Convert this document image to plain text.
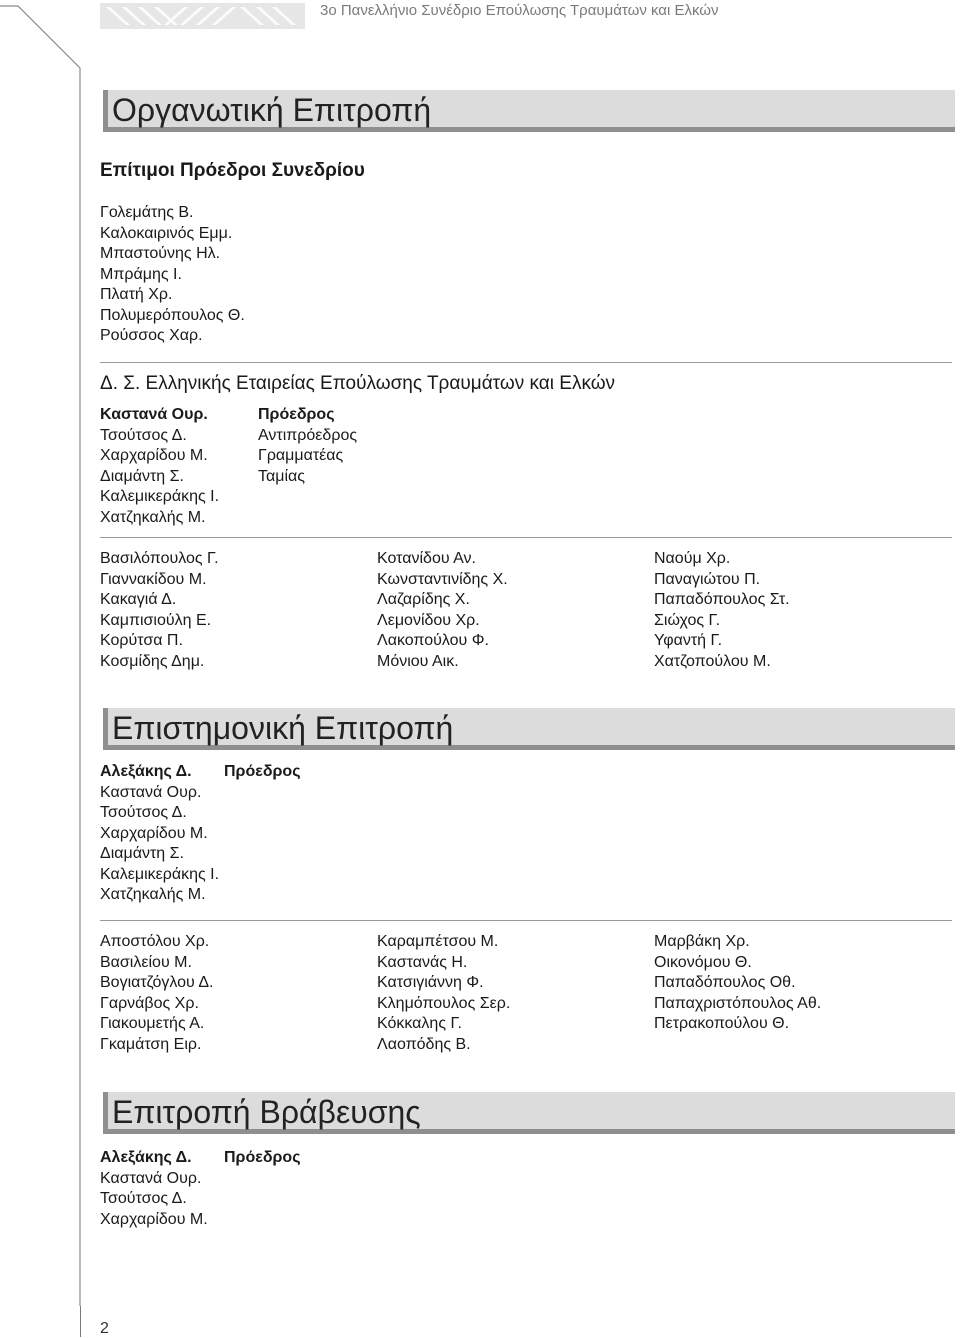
3ο Πανελλήνιο Συνέδριο Επούλωσης Τραυμάτων και Ελκών
Οργανωτική Επιτροπή
Επίτιμοι Πρόεδροι Συνεδρίου
Γολεμάτης Β.
Καλοκαιρινός Εμμ.
Μπαστούνης Ηλ.
Μπράμης Ι.
Πλατή Χρ.
Πολυμερόπουλος Θ.
Ρούσσος Χαρ.
Δ. Σ. Ελληνικής Εταιρείας Επούλωσης Τραυμάτων και Ελκών
Καστανά Ουρ.
Τσούτσος Δ.
Χαρχαρίδου Μ.
Διαμάντη Σ.
Καλεμικεράκης Ι.
Χατζηκαλής Μ.
Πρόεδρος
Αντιπρόεδρος
Γραμματέας
Ταμίας
Βασιλόπουλος Γ.
Γιαννακίδου Μ.
Κακαγιά Δ.
Καμπισιούλη Ε.
Κορύτσα Π.
Κοσμίδης Δημ.
Κοτανίδου Αν.
Κωνσταντινίδης Χ.
Λαζαρίδης Χ.
Λεμονίδου Χρ.
Λακοπούλου Φ.
Μόνιου Αικ.
Ναούμ Χρ.
Παναγιώτου Π.
Παπαδόπουλος Στ.
Σιώχος Γ.
Υφαντή Γ.
Χατζοπούλου Μ.
Επιστημονική Επιτροπή
Αλεξάκης Δ.
Καστανά Ουρ.
Τσούτσος Δ.
Χαρχαρίδου Μ.
Διαμάντη Σ.
Καλεμικεράκης Ι.
Χατζηκαλής Μ.
Πρόεδρος
Αποστόλου Χρ.
Βασιλείου Μ.
Βογιατζόγλου Δ.
Γαρνάβος Χρ.
Γιακουμετής Α.
Γκαμάτση Ειρ.
Καραμπέτσου Μ.
Καστανάς Η.
Κατσιγιάννη Φ.
Κλημόπουλος Σερ.
Κόκκαλης Γ.
Λαοπόδης Β.
Μαρβάκη Χρ.
Οικονόμου Θ.
Παπαδόπουλος Οθ.
Παπαχριστόπουλος Αθ.
Πετρακοπούλου Θ.
Επιτροπή Βράβευσης
Αλεξάκης Δ.
Καστανά Ουρ.
Τσούτσος Δ.
Χαρχαρίδου Μ.
Πρόεδρος
2
